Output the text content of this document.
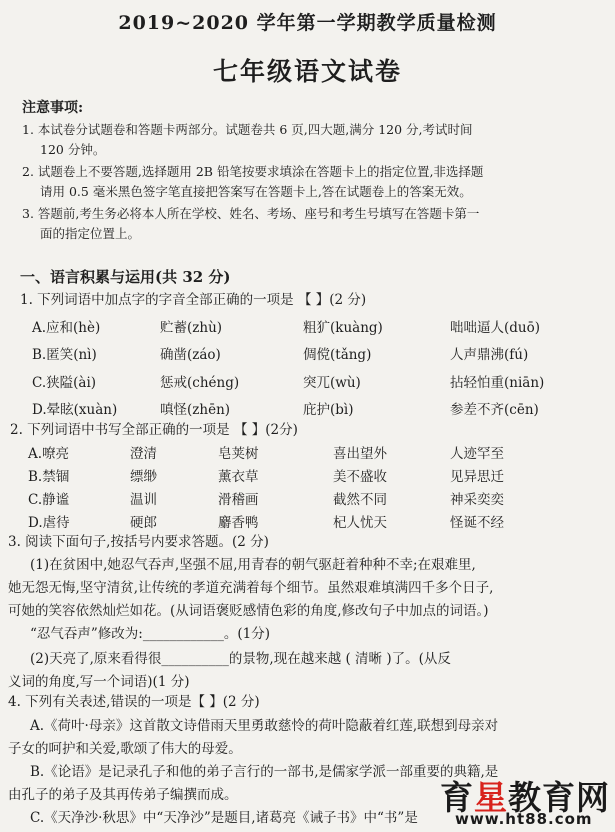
2019~2020 学年第一学期教学质量检测
七年级语文试卷
注意事项:
1. 本试卷分试题卷和答题卡两部分。试题卷共 6 页,四大题,满分 120 分,考试时间
120 分钟。
2. 试题卷上不要答题,选择题用 2B 铅笔按要求填涂在答题卡上的指定位置,非选择题
请用 0.5 毫米黑色签字笔直接把答案写在答题卡上,答在试题卷上的答案无效。
3. 答题前,考生务必将本人所在学校、姓名、考场、座号和考生号填写在答题卡第一
面的指定位置上。
一、语言积累与运用(共 32 分)
1. 下列词语中加点字的字音全部正确的一项是 【 】(2 分)
A.应和(hè)	贮蓄(zhù)	粗犷(kuàng)	咄咄逼人(duō)
B.匿笑(nì)	确凿(záo)	倜傥(tǎng)	人声鼎沸(fú)
C.狭隘(ài)	惩戒(chéng)	突兀(wù)	拈轻怕重(niān)
D.晕眩(xuàn)	嗔怪(zhēn)	庇护(bì)	参差不齐(cēn)
2. 下列词语中书写全部正确的一项是 【 】(2分)
A.嘹亮	澄清	皂荚树	喜出望外	人迹罕至
B.禁锢	缥缈	薰衣草	美不盛收	见异思迁
C.静谧	温训	滑稽画	截然不同	神采奕奕
D.虐待	硬郎	麝香鸭	杞人忧天	怪诞不经
3. 阅读下面句子,按括号内要求答题。(2 分)
(1)在贫困中,她忍气吞声,坚强不屈,用青春的朝气驱赶着种种不幸;在艰难里,
她无怨无悔,坚守清贫,让传统的孝道充满着每个细节。虽然艰难填满四千多个日子,
可她的笑容依然灿烂如花。(从词语褒贬感情色彩的角度,修改句子中加点的词语。)
“忍气吞声”修改为:____________。(1分)
(2)天亮了,原来看得很__________的景物,现在越来越 ( 清晰 )了。(从反
义词的角度,写一个词语)(1 分)
4. 下列有关表述,错误的一项是【 】(2 分)
A.《荷叶·母亲》这首散文诗借雨天里勇敢慈怜的荷叶隐蔽着红莲,联想到母亲对
子女的呵护和关爱,歌颂了伟大的母爱。
B.《论语》是记录孔子和他的弟子言行的一部书,是儒家学派一部重要的典籍,是
由孔子的弟子及其再传弟子编撰而成。
C.《天净沙·秋思》中“天净沙”是题目,诸葛亮《诫子书》中“书”是
育星教育网
www.ht88.com
